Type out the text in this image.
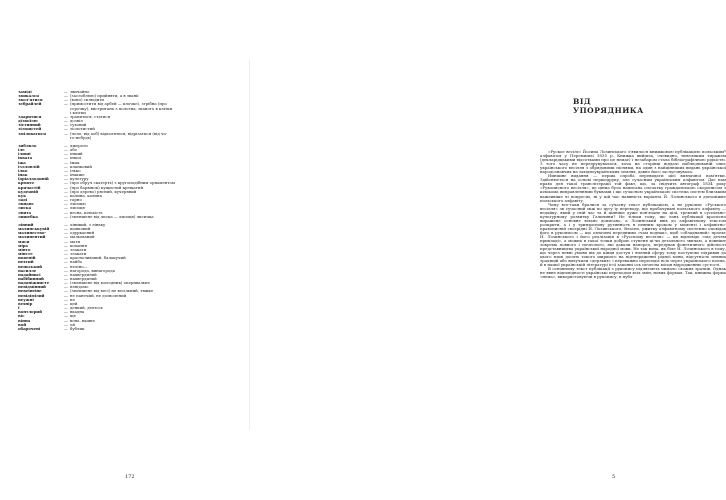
заміді	— звичайно
звикался	— (заслоблюю) прийняти, а в званії
звол'ятися	— (воно) склюдити
зебрайлей	— (примостити від арбей — клочке), згрібна (про
сорочку), вистригана з полотна, тканого в клітки
і клітки
здаритися	— трапитися, статися
дізвоїлю	— дозвіл
зієтинний	— суховий
зілощстей	— зіолотистий
зміловатися	— (чоло, від хоб) відколятися, відрізатися (від чо-
го-небудь)
зиблвло	— джерело
іле	— або
ілиші	— інший
іввата	— іншої
іжа	— їжак
ізллонлій	— кланковий
ілко	— ілько
інак	— інакше
їдріалдодяній	— культуру
крмяте	— (про обруч скатерть) з кругоподібним орнаментом
крячастій	— (про барвінок) кущистий крещатий
кудеяній	— (про дерево) рясний, кучерявий
кук	— калина, калина
ладі	— гарно
лвиднс	— лисицю
лиска	— лисиця
лвита	— весна, кількість
лишебка	— (зменшене від лиска — лисиця) лисичка
лінний	— лінивий, з ліньку
малинськувій	— шовковий
малинество-	— одуркаєний
малинентий	— мальований
мяси	— мати
міра	— кохання
мінто	— злакати
мінсте	— злакати
новеній	— красноливовий, балакучий
нехтий	— найбо
неньський	— неліно—
насилле	— нагорода, винагорода
надайнисі	— нахвердилий
набібинний	— нахвердилий
надоніжнисте	— (зменшене від молодник) оперивальне
невідмінний	— невідомо
невеінеіне	— (зменшене від весі) не весільний, тяжке
невідімілий	— не панечий, не дозволений
неужні	— не
вехнір	— цей
ї	— деякий, дехтось
вонтлорий	— вкадна
віс	— ще
вінна	— вона, вашне
вой	— ой
обарочені	— бублик
172
ВІД УПОРЯДНИКА

«Руское весілє» Йосипа Лозинського з'явилося книжковою публікацією польським* алфавітом у Перемишлі 1835 р. Книжка вийшла, очевидно, невеликим тиражем (декларідцькими відсотками про це немає) і незабаром стала бібліографічною рідкістю. З того часу не передрукувалася, хоча на сторінці віддачі наблюдюваній опис українського весілля з обрядовими піснями, на один з найцінніших видань української народознавчих на західноукраїнських землях, давно його заслуговувала.

Нинішнє видання — перша спроба перевидати цієї визначної пам'ятки. Здійснюється на основі першодруку, але сучасним українським алфавітом. Дає нам право для такої транслітерації той факт, що, за свідчить автограф 1834 року «Рукописного весілля», це цінна була написана спочатку гражданською скорописом з кількома виправленнями буквами і що сучасною українською система систем близьким важливіше чі попросію, ні у цій час наявність варіанта Й. Лозинського в допоміжне польського алфавіту.

Чому все-таки бралися за сучасну текст публікацією, а не рукопис «Руського весілля» зв сучасний між по цугу їу переводу, що пробачувані польського алфавіту — ведайку, який у свій час та й цінніше дуже пов'язане на цілі, треклий в суспільно-культурному розвитку Галичини? Не тільки тому, що лань публікації кросисно виражене основне вільно дописано, а Лозинський ввів до алфавітному текстом розкрити, а і у тринзиснову рутинність в певним кроком у моменті і алфавітно-правописній своєрідні Й. Лозинського. Власне, ужитку алфавітному системно оповідав його в рукописом — що означені передними «чам поднак», щоб «обладнаний» проект Й. Лозинського і його реалізація в «Русскому весілля» — ця відповідь «під дечем прикладі», а можна в такої точки доброю ступеня ці-чи детального звичаю, а повніше зокрема повного і почесного, які давали наперед, передував фонетичного дійсності представництва українськиї народної мови. Не так вона, як біле Й. Лозинського в тому, що через певні умови вів до кінця доступ і вчений сферу тому поступово підривав до цього язик досить такого ширшого на підтвердженні рідної мови, відсутність певних традицій або вилучили «дерзких» і переважно пересидіє всіх через українського поема, й в нашої українській літературі їгої законні ось почесна місця відродженню сустості.

В основному текст публікації з рукопису підлягають чимало схожих зразків. Однак не явне відповідності українські переходом всіх змін, нових формах. Так, книжна форма «нема», використовуючи в рукопису, в публ

5
